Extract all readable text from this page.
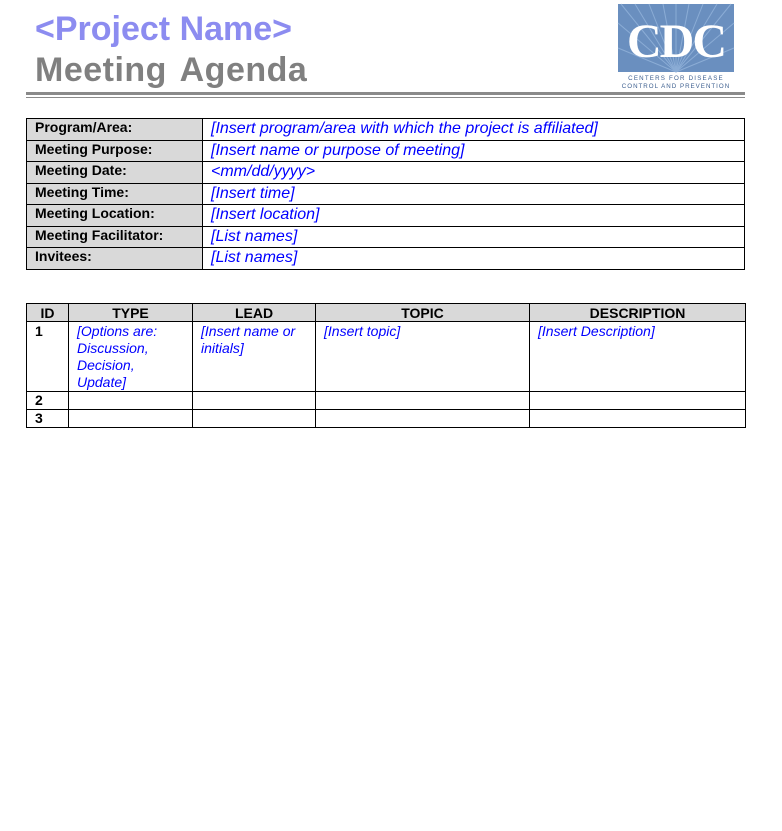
<Project Name>
Meeting Agenda
CDC
CENTERS FOR DISEASE
CONTROL AND PREVENTION
Program/Area:	[Insert program/area with which the project is affiliated]
Meeting Purpose:	[Insert name or purpose of meeting]
Meeting Date:	<mm/dd/yyyy>
Meeting Time:	[Insert time]
Meeting Location:	[Insert location]
Meeting Facilitator:	[List names]
Invitees:	[List names]
ID	TYPE	LEAD	TOPIC	DESCRIPTION
1	[Options are: Discussion, Decision, Update]	[Insert name or initials]	[Insert topic]	[Insert Description]
2				
3				
